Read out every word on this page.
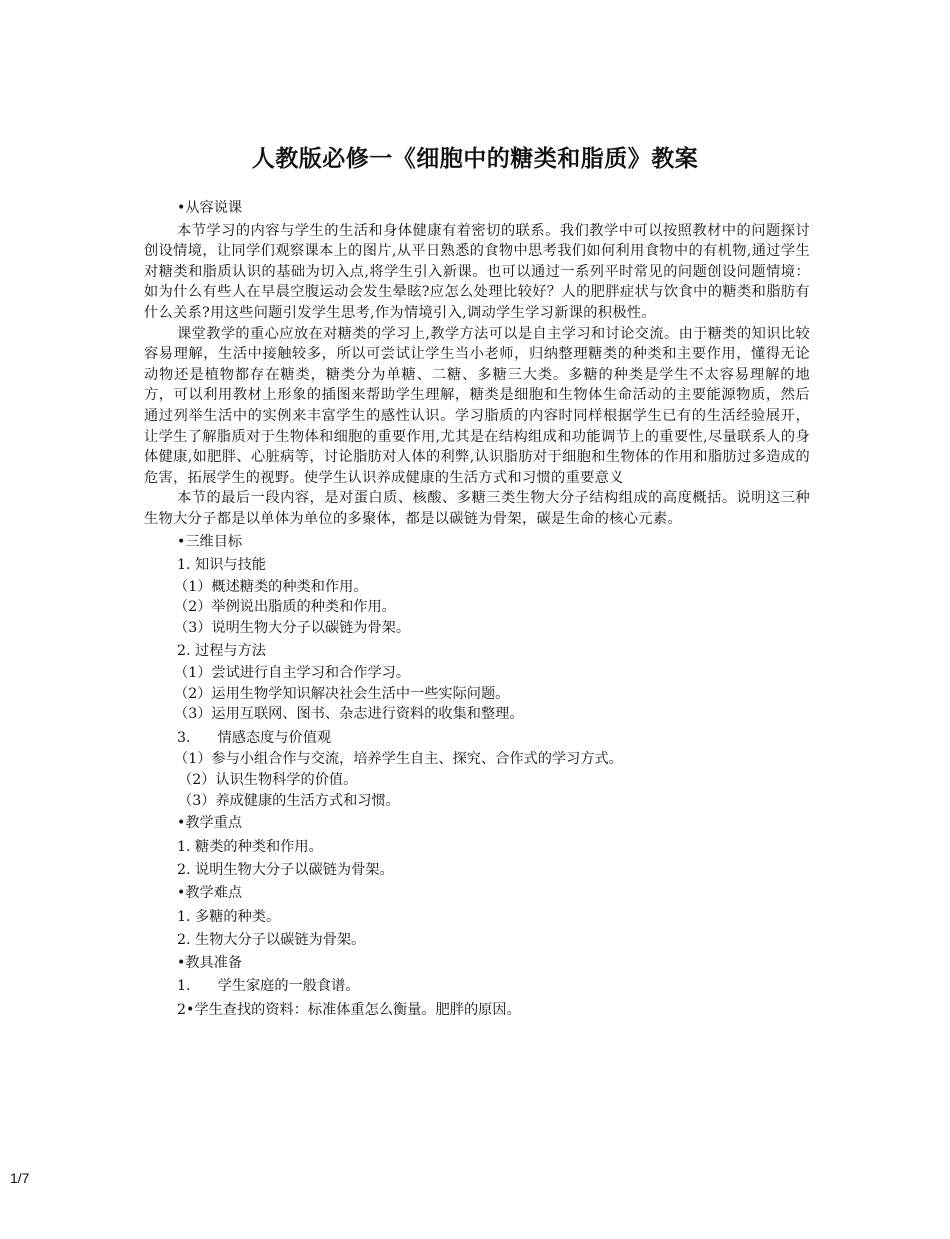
人教版必修一《细胞中的糖类和脂质》教案
•从容说课
本节学习的内容与学生的生活和身体健康有着密切的联系。我们教学中可以按照教材中的问题探讨创设情境，让同学们观察课本上的图片,从平日熟悉的食物中思考我们如何利用食物中的有机物,通过学生对糖类和脂质认识的基础为切入点,将学生引入新课。也可以通过一系列平时常见的问题创设问题情境：如为什么有些人在早晨空腹运动会发生晕眩?应怎么处理比较好？人的肥胖症状与饮食中的糖类和脂肪有什么关系?用这些问题引发学生思考,作为情境引入,调动学生学习新课的积极性。
课堂教学的重心应放在对糖类的学习上,教学方法可以是自主学习和讨论交流。由于糖类的知识比较容易理解，生活中接触较多，所以可尝试让学生当小老师，归纳整理糖类的种类和主要作用，懂得无论动物还是植物都存在糖类，糖类分为单糖、二糖、多糖三大类。多糖的种类是学生不太容易理解的地方，可以利用教材上形象的插图来帮助学生理解，糖类是细胞和生物体生命活动的主要能源物质，然后通过列举生活中的实例来丰富学生的感性认识。学习脂质的内容时同样根据学生已有的生活经验展开，让学生了解脂质对于生物体和细胞的重要作用,尤其是在结构组成和功能调节上的重要性,尽量联系人的身体健康,如肥胖、心脏病等，讨论脂肪对人体的利弊,认识脂肪对于细胞和生物体的作用和脂肪过多造成的危害，拓展学生的视野。使学生认识养成健康的生活方式和习惯的重要意义
本节的最后一段内容，是对蛋白质、核酸、多糖三类生物大分子结构组成的高度概括。说明这三种生物大分子都是以单体为单位的多聚体，都是以碳链为骨架，碳是生命的核心元素。
•三维目标
1. 知识与技能
（1）概述糖类的种类和作用。
（2）举例说出脂质的种类和作用。
（3）说明生物大分子以碳链为骨架。
2. 过程与方法
（1）尝试进行自主学习和合作学习。
（2）运用生物学知识解决社会生活中一些实际问题。
（3）运用互联网、图书、杂志进行资料的收集和整理。
3.      情感态度与价值观
（1）参与小组合作与交流，培养学生自主、探究、合作式的学习方式。
（2）认识生物科学的价值。
（3）养成健康的生活方式和习惯。
•教学重点
1. 糖类的种类和作用。
2. 说明生物大分子以碳链为骨架。
•教学难点
1. 多糖的种类。
2. 生物大分子以碳链为骨架。
•教具准备
1.      学生家庭的一般食谱。
2•学生查找的资料：标准体重怎么衡量。肥胖的原因。
1/7
